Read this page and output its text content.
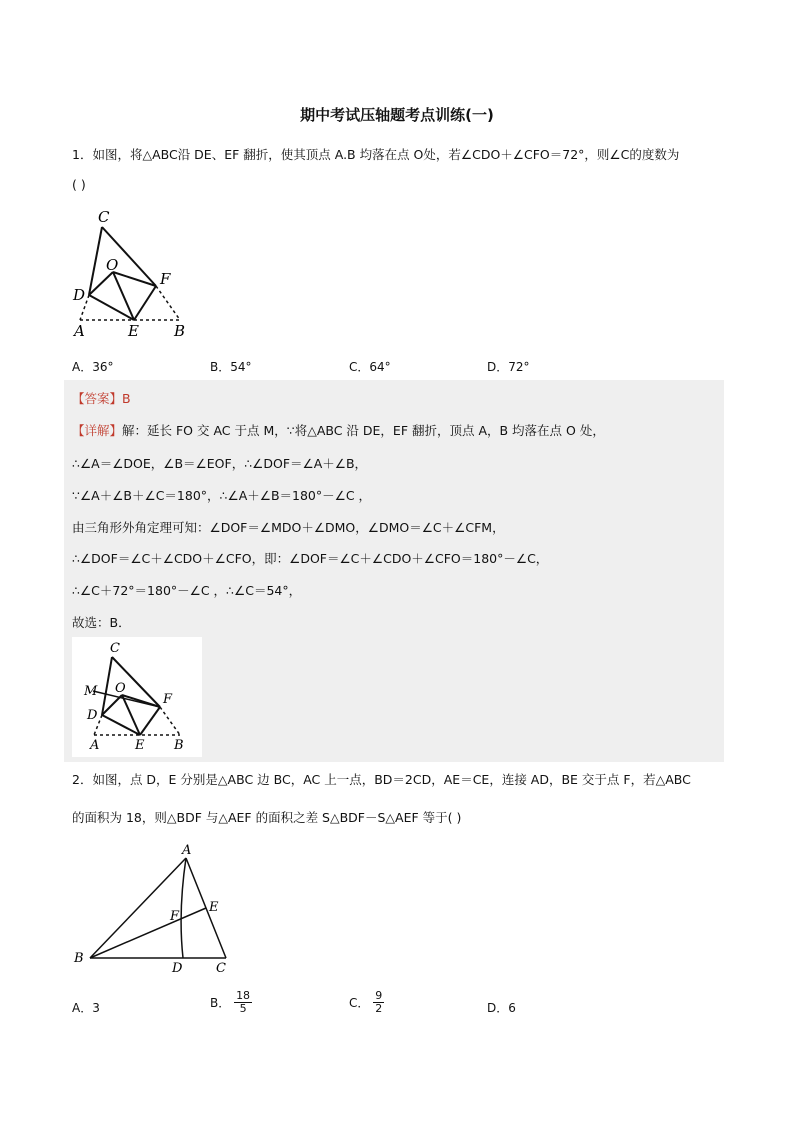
期中考试压轴题考点训练(一)
1．如图，将△ABC沿 DE、EF 翻折，使其顶点 A.B 均落在点 O处，若∠CDO＋∠CFO＝72°，则∠C的度数为
( )
C
O
F
D
A	E B
A．36°	B．54°	C．64°	D．72°
【答案】B
【详解】解：延长 FO 交 AC 于点 M，∵将△ABC 沿 DE，EF 翻折，顶点 A，B 均落在点 O 处，
∴∠A＝∠DOE，∠B＝∠EOF，∴∠DOF＝∠A＋∠B，
∵∠A＋∠B＋∠C＝180°，∴∠A＋∠B＝180°－∠C ，
由三角形外角定理可知：∠DOF＝∠MDO＋∠DMO，∠DMO＝∠C＋∠CFM，
∴∠DOF＝∠C＋∠CDO＋∠CFO，即：∠DOF＝∠C＋∠CDO＋∠CFO＝180°－∠C，
∴∠C＋72°＝180°－∠C ，∴∠C＝54°，
故选：B．
C
M O
F
D
A	E B
2．如图，点 D，E 分别是△ABC 边 BC，AC 上一点，BD＝2CD，AE＝CE，连接 AD，BE 交于点 F，若△ABC
的面积为 18，则△BDF 与△AEF 的面积之差 S△BDF－S△AEF 等于( )
A
E
F
B
D	C
A．3	B． $\frac{18}{5}$	C． $\frac{9}{2}$	D．6
